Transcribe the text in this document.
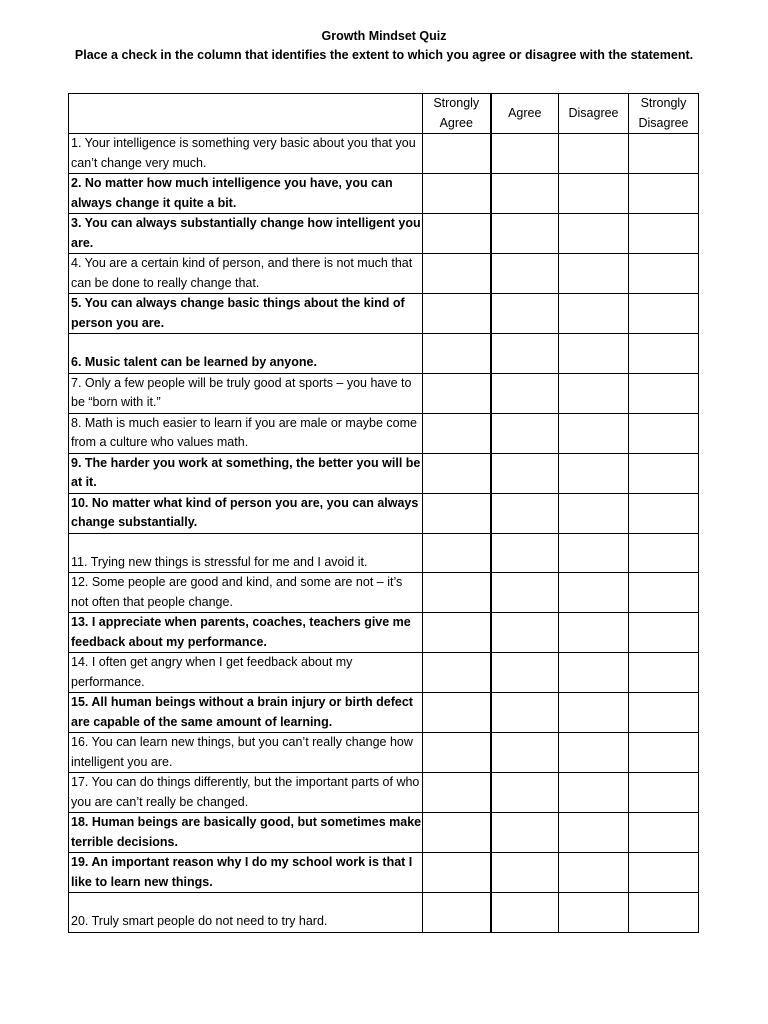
Growth Mindset Quiz
Place a check in the column that identifies the extent to which you agree or disagree with the statement.
	Strongly Agree	Agree	Disagree	Strongly Disagree
1. Your intelligence is something very basic about you that you can’t change very much.				
2. No matter how much intelligence you have, you can always change it quite a bit.				
3. You can always substantially change how intelligent you are.				
4. You are a certain kind of person, and there is not much that can be done to really change that.				
5. You can always change basic things about the kind of person you are.				
6. Music talent can be learned by anyone.				
7. Only a few people will be truly good at sports – you have to be “born with it.”				
8. Math is much easier to learn if you are male or maybe come from a culture who values math.				
9. The harder you work at something, the better you will be at it.				
10. No matter what kind of person you are, you can always change substantially.				
11. Trying new things is stressful for me and I avoid it.				
12. Some people are good and kind, and some are not – it’s not often that people change.				
13. I appreciate when parents, coaches, teachers give me feedback about my performance.				
14. I often get angry when I get feedback about my performance.				
15. All human beings without a brain injury or birth defect are capable of the same amount of learning.				
16. You can learn new things, but you can’t really change how intelligent you are.				
17. You can do things differently, but the important parts of who you are can’t really be changed.				
18. Human beings are basically good, but sometimes make terrible decisions.				
19. An important reason why I do my school work is that I like to learn new things.				
20. Truly smart people do not need to try hard.				
